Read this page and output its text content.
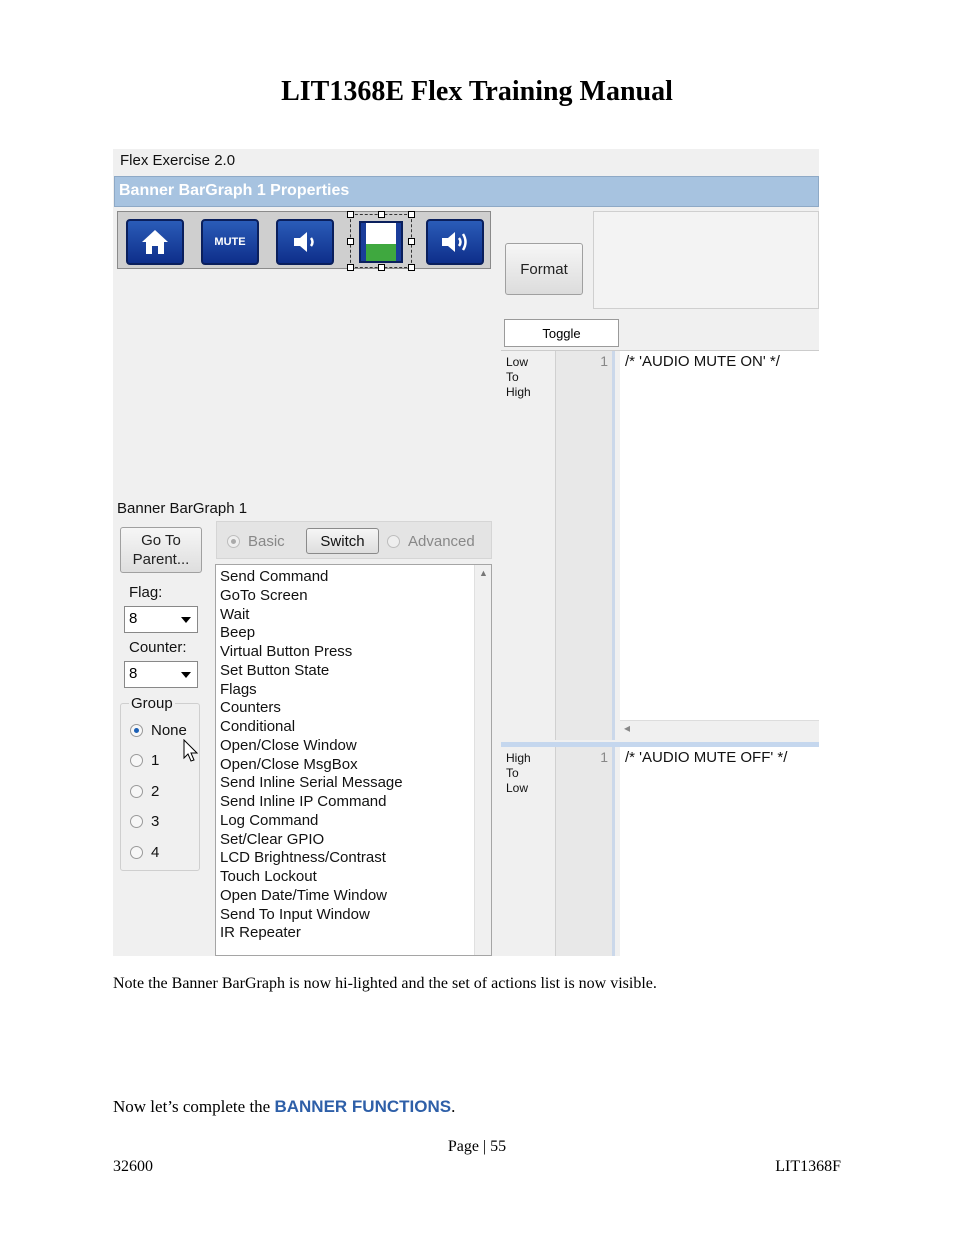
LIT1368E Flex Training Manual
Flex Exercise 2.0
Banner BarGraph 1 Properties
MUTE
Format
Toggle
Low
To
High
1 /* 'AUDIO MUTE ON' */
◂
High
To
Low
1 /* 'AUDIO MUTE OFF' */
Banner BarGraph 1
Go To
Parent...
Flag:
8
Counter:
8
Group
None
1
2
3
4
Basic	Switch	Advanced
Send Command
GoTo Screen
Wait
Beep
Virtual Button Press
Set Button State
Flags
Counters
Conditional
Open/Close Window
Open/Close MsgBox
Send Inline Serial Message
Send Inline IP Command
Log Command
Set/Clear GPIO
LCD Brightness/Contrast
Touch Lockout
Open Date/Time Window
Send To Input Window
IR Repeater
▲
Note the Banner BarGraph is now hi-lighted and the set of actions list is now visible.
Now let’s complete the BANNER FUNCTIONS.
Page | 55
32600	LIT1368F
